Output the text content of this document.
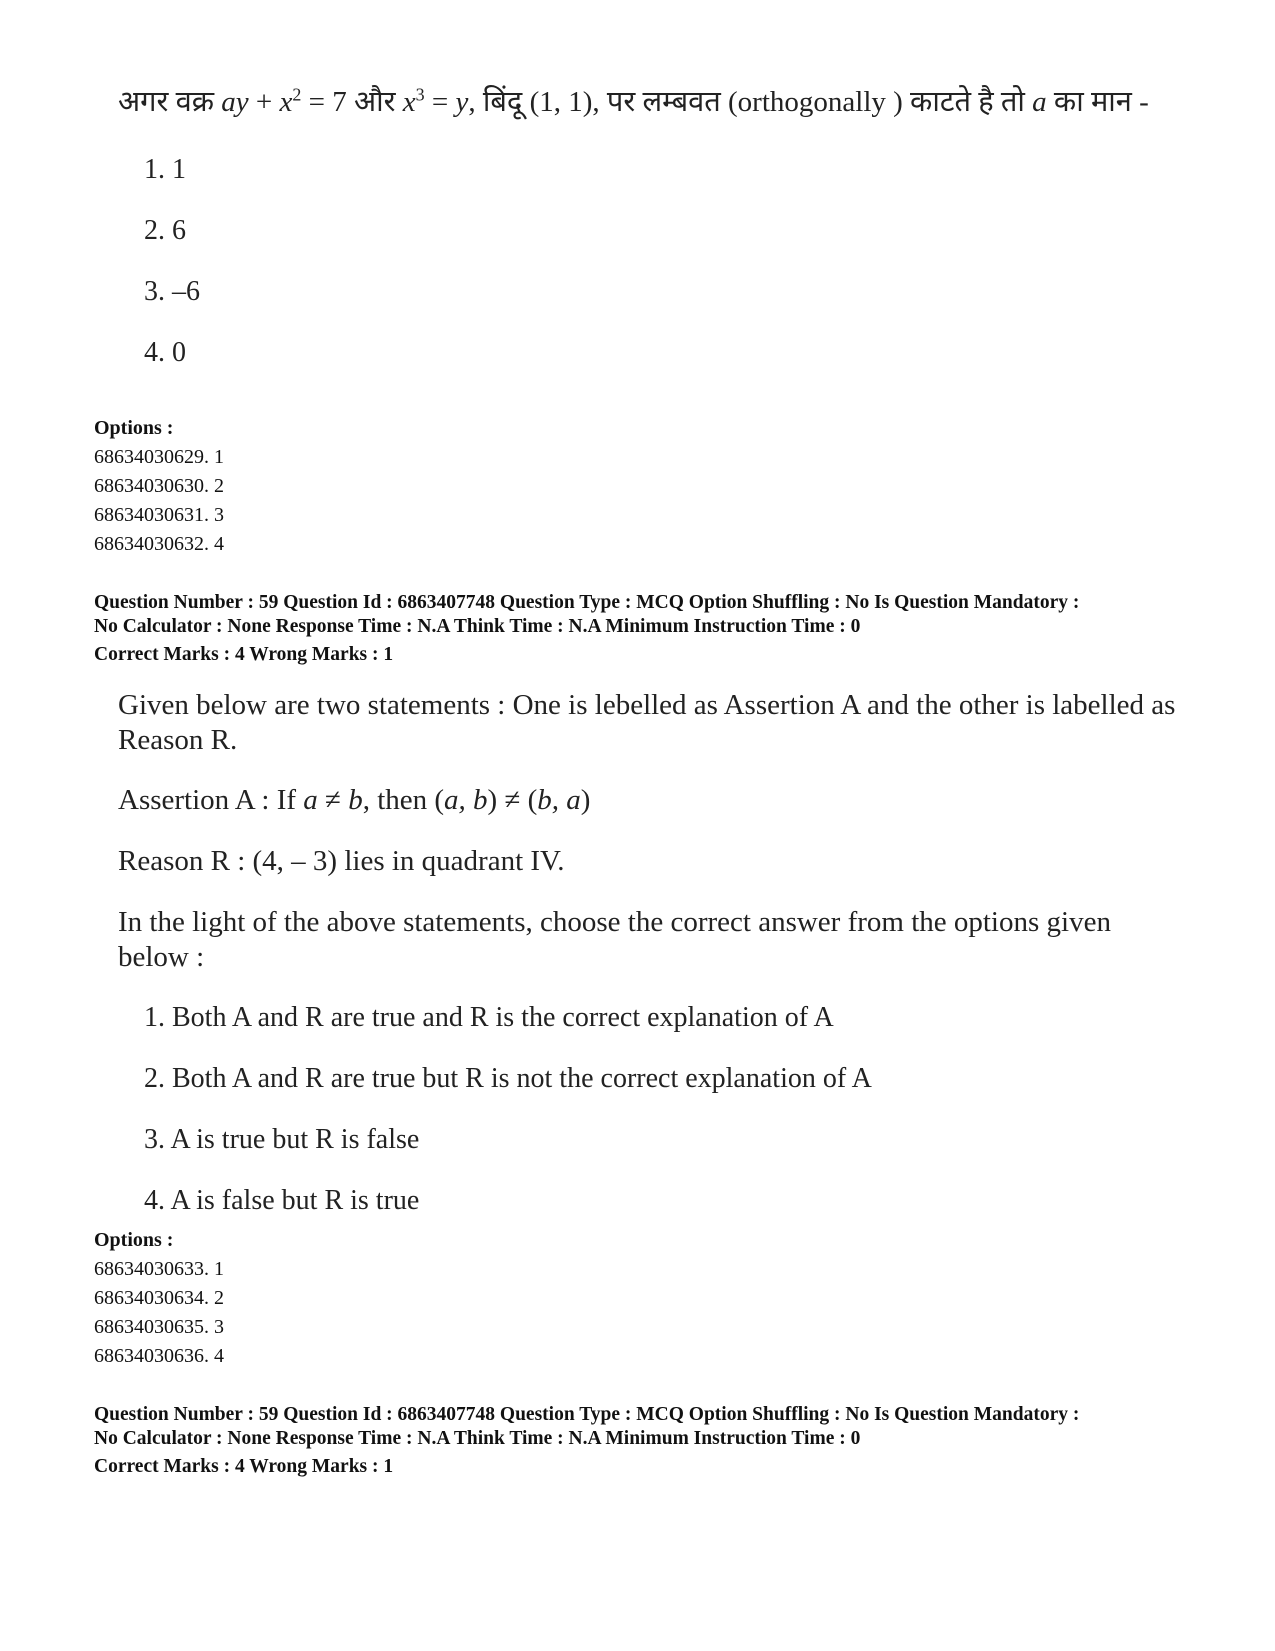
अगर वक्र ay + $x^2 = 7$ और $x^3 = y$, बिंदू (1, 1), पर लम्बवत (orthogonally ) काटते है तो a का मान -

1. 1
2. 6
3. –6
4. 0
Options :
68634030629. 1
68634030630. 2
68634030631. 3
68634030632. 4
Question Number : 59 Question Id : 6863407748 Question Type : MCQ Option Shuffling : No Is Question Mandatory :
No Calculator : None Response Time : N.A Think Time : N.A Minimum Instruction Time : 0
Correct Marks : 4 Wrong Marks : 1

Given below are two statements : One is lebelled as Assertion A and the other is labelled as Reason R.

Assertion A : If a ≠ b, then (a, b) ≠ (b, a)

Reason R : (4, – 3) lies in quadrant IV.

In the light of the above statements, choose the correct answer from the options given below :

1. Both A and R are true and R is the correct explanation of A
2. Both A and R are true but R is not the correct explanation of A
3. A is true but R is false
4. A is false but R is true
Options :
68634030633. 1
68634030634. 2
68634030635. 3
68634030636. 4
Question Number : 59 Question Id : 6863407748 Question Type : MCQ Option Shuffling : No Is Question Mandatory :
No Calculator : None Response Time : N.A Think Time : N.A Minimum Instruction Time : 0
Correct Marks : 4 Wrong Marks : 1
